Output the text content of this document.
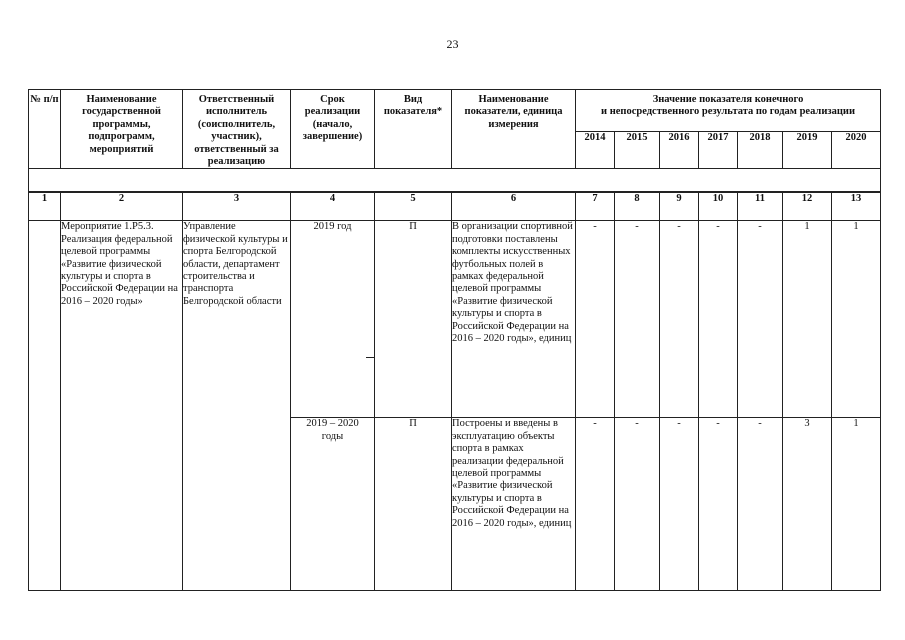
23
№ п/п	Наименование государственной программы, подпрограмм, мероприятий	Ответственный исполнитель (соисполнитель, участник), ответственный за реализацию	Срок реализации (начало, завершение)	Вид показателя*	Наименование показатели, единица измерения	Значение показателя конечного
и непосредственного результата по годам реализации						
						2014	2015	2016	2017	2018	2019	2020

1	2	3	4	5	6	7	8	9	10	11	12	13
	Мероприятие 1.Р5.3. Реализация федеральной целевой программы «Развитие физической культуры и спорта в Российской Федерации на 2016 – 2020 годы»	Управление физической культуры и спорта Белгородской области, департамент строительства и транспорта Белгородской области	2019 год	П	В организации спортивной подготовки поставлены комплекты искусственных футбольных полей в рамках федеральной целевой программы «Развитие физической культуры и спорта в Российской Федерации на 2016 – 2020 годы», единиц	-	-	-	-	-	1	1
			2019 – 2020 годы	П	Построены и введены в эксплуатацию объекты спорта в рамках реализации федеральной целевой программы «Развитие физической культуры и спорта в Российской Федерации на 2016 – 2020 годы», единиц	-	-	-	-	-	3	1
